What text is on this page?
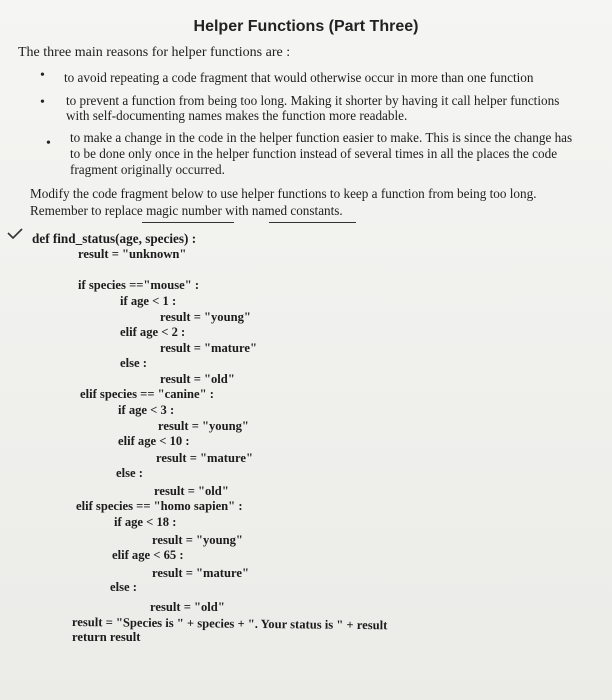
Helper Functions (Part Three)
The three main reasons for helper functions are :
• to avoid repeating a code fragment that would otherwise occur in more than one function
• to prevent a function from being too long. Making it shorter by having it call helper functions
with self-documenting names makes the function more readable.
• to make a change in the code in the helper function easier to make. This is since the change has
to be done only once in the helper function instead of several times in all the places the code
fragment originally occurred.
Modify the code fragment below to use helper functions to keep a function from being too long.
Remember to replace magic number with named constants.
def find_status(age, species) :
result = "unknown"
if species =="mouse" :
if age < 1 :
result = "young"
elif age < 2 :
result = "mature"
else :
result = "old"
elif species == "canine" :
if age < 3 :
result = "young"
elif age < 10 :
result = "mature"
else :
result = "old"
elif species == "homo sapien" :
if age < 18 :
result = "young"
elif age < 65 :
result = "mature"
else :
result = "old"
result = "Species is " + species + ". Your status is " + result
return result
